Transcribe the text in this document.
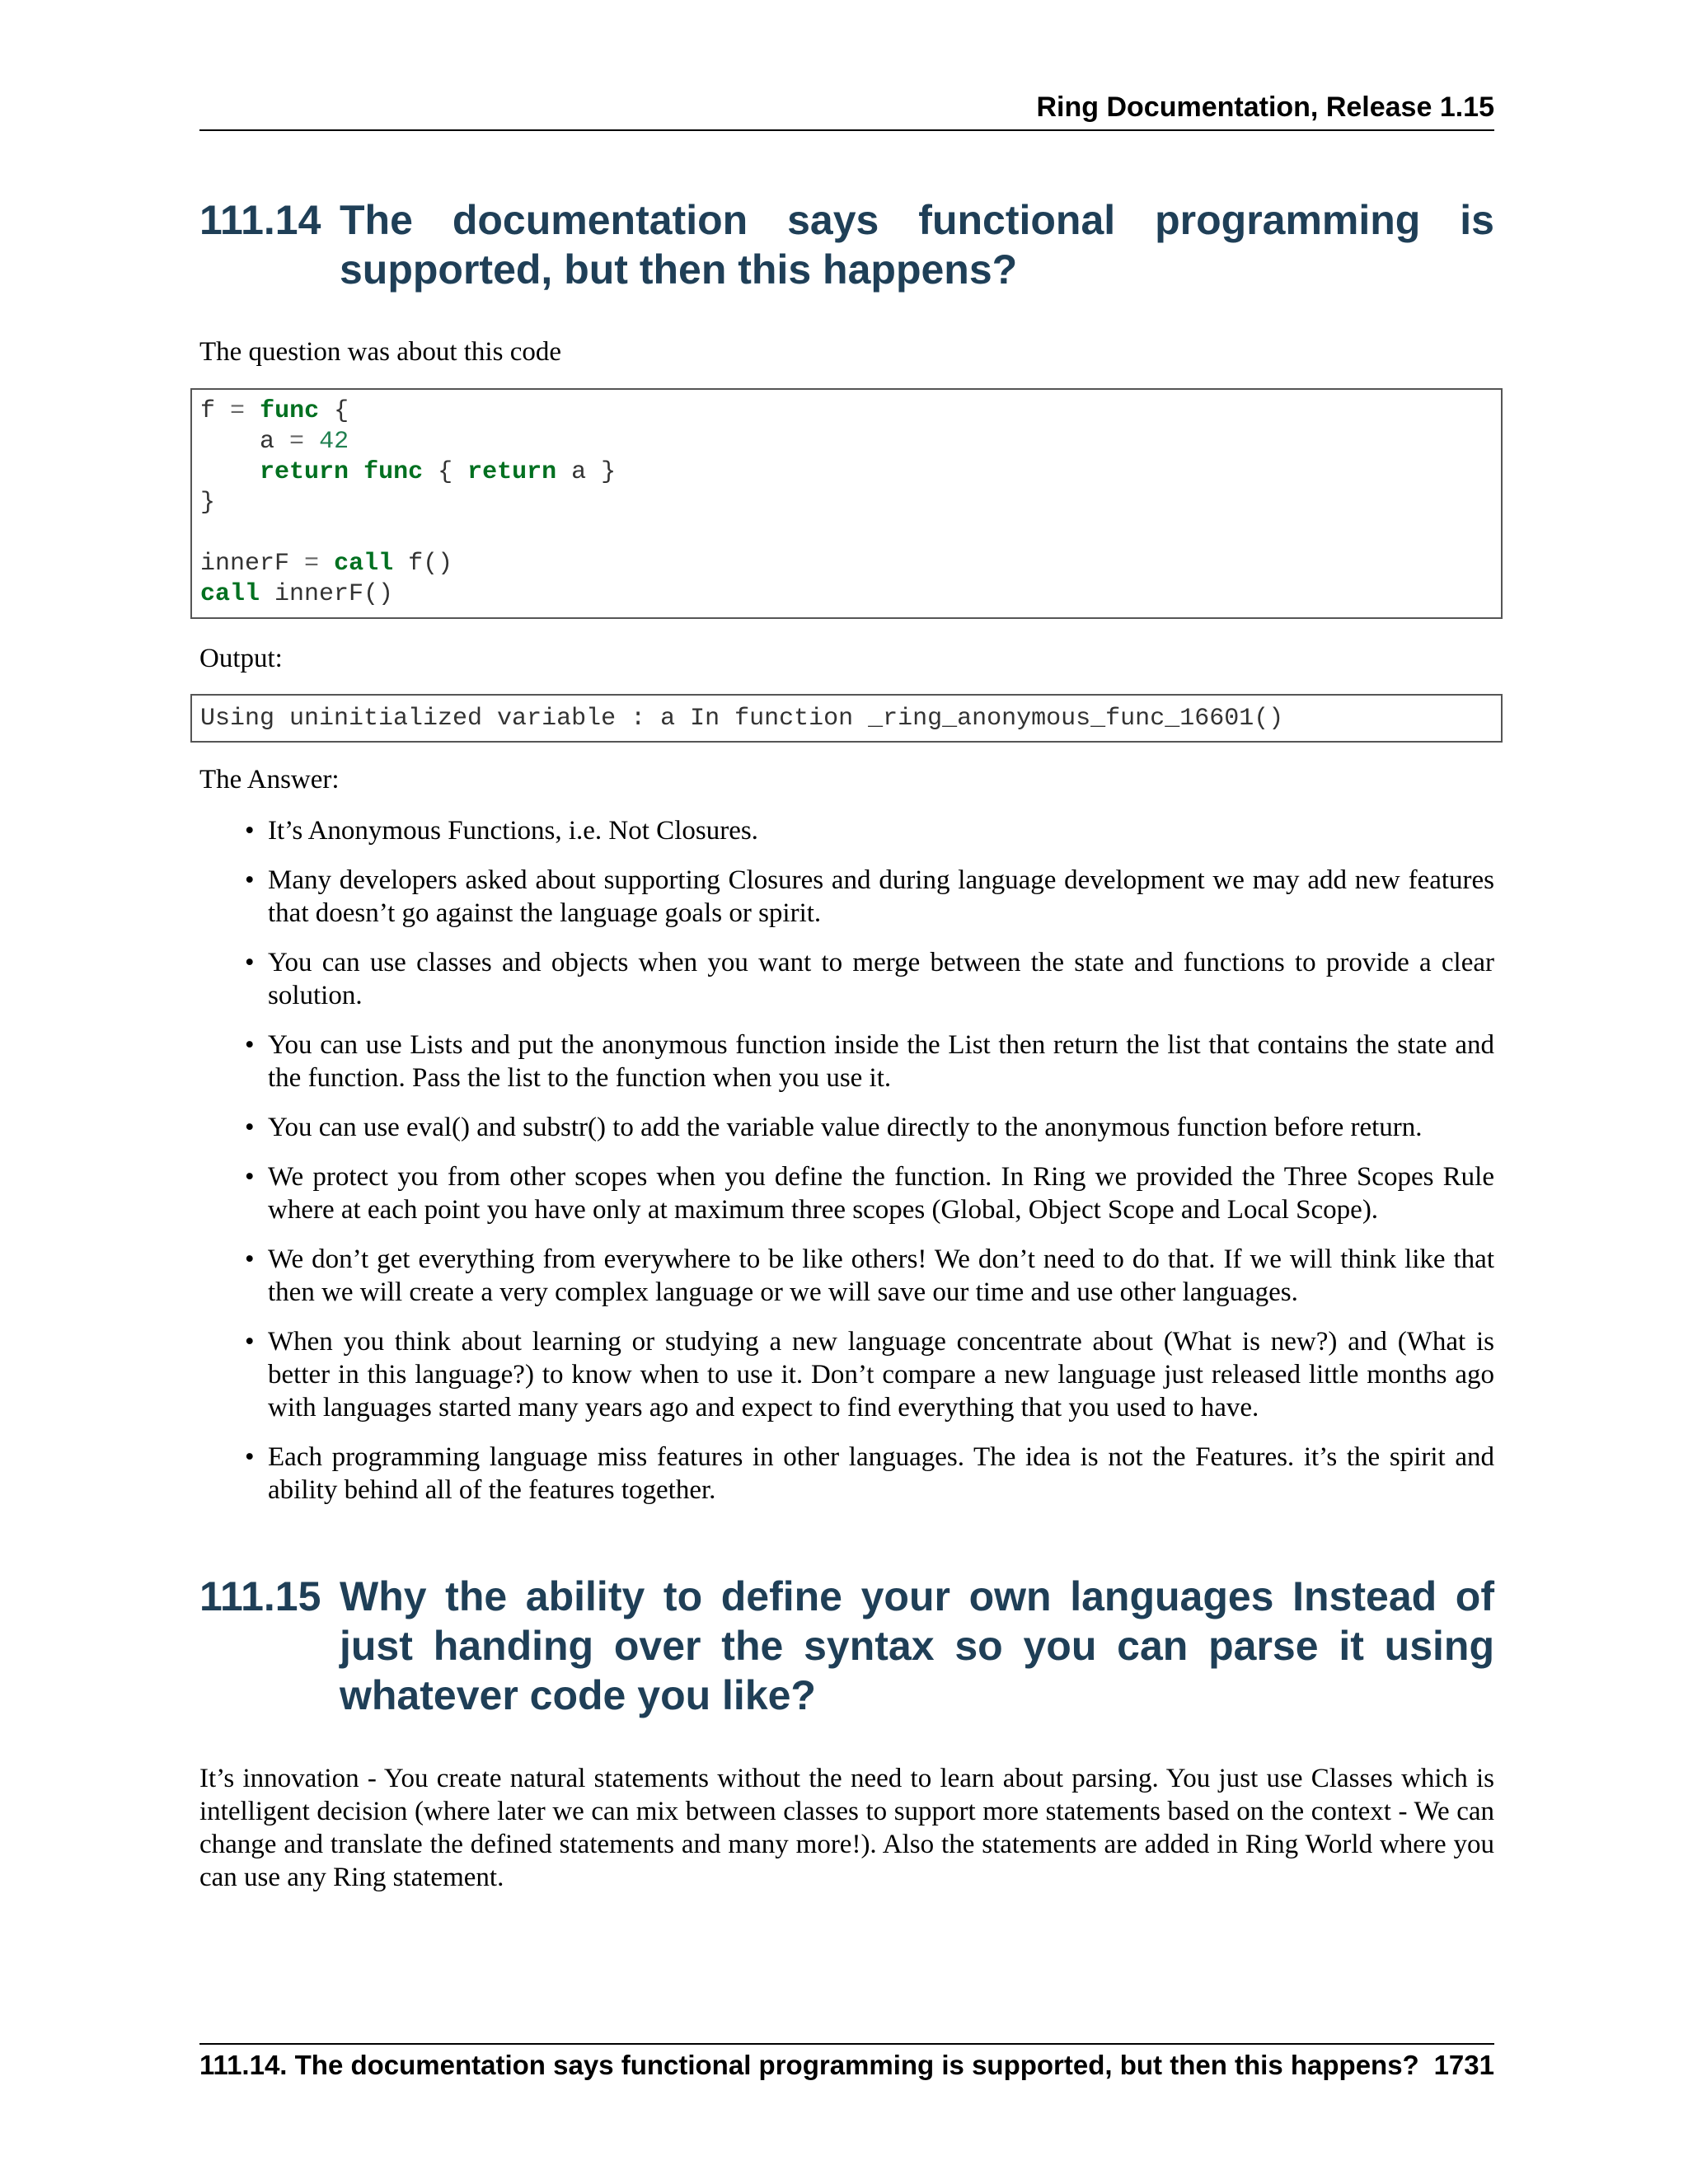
Ring Documentation, Release 1.15
111.14 The documentation says functional programming is supported, but then this happens?
The question was about this code
f = func {
a = 42
return func { return a }
}

innerF = call f()
call innerF()
Output:
Using uninitialized variable : a In function _ring_anonymous_func_16601()
The Answer:
• It’s Anonymous Functions, i.e. Not Closures.
• Many developers asked about supporting Closures and during language development we may add new features that doesn’t go against the language goals or spirit.
• You can use classes and objects when you want to merge between the state and functions to provide a clear solution.
• You can use Lists and put the anonymous function inside the List then return the list that contains the state and the function. Pass the list to the function when you use it.
• You can use eval() and substr() to add the variable value directly to the anonymous function before return.
• We protect you from other scopes when you define the function. In Ring we provided the Three Scopes Rule where at each point you have only at maximum three scopes (Global, Object Scope and Local Scope).
• We don’t get everything from everywhere to be like others! We don’t need to do that. If we will think like that then we will create a very complex language or we will save our time and use other languages.
• When you think about learning or studying a new language concentrate about (What is new?) and (What is better in this language?) to know when to use it. Don’t compare a new language just released little months ago with languages started many years ago and expect to find everything that you used to have.
• Each programming language miss features in other languages. The idea is not the Features. it’s the spirit and ability behind all of the features together.
111.15 Why the ability to define your own languages Instead of just handing over the syntax so you can parse it using whatever code you like?
It’s innovation - You create natural statements without the need to learn about parsing. You just use Classes which is intelligent decision (where later we can mix between classes to support more statements based on the context - We can change and translate the defined statements and many more!). Also the statements are added in Ring World where you can use any Ring statement.
111.14. The documentation says functional programming is supported, but then this happens? 1731
